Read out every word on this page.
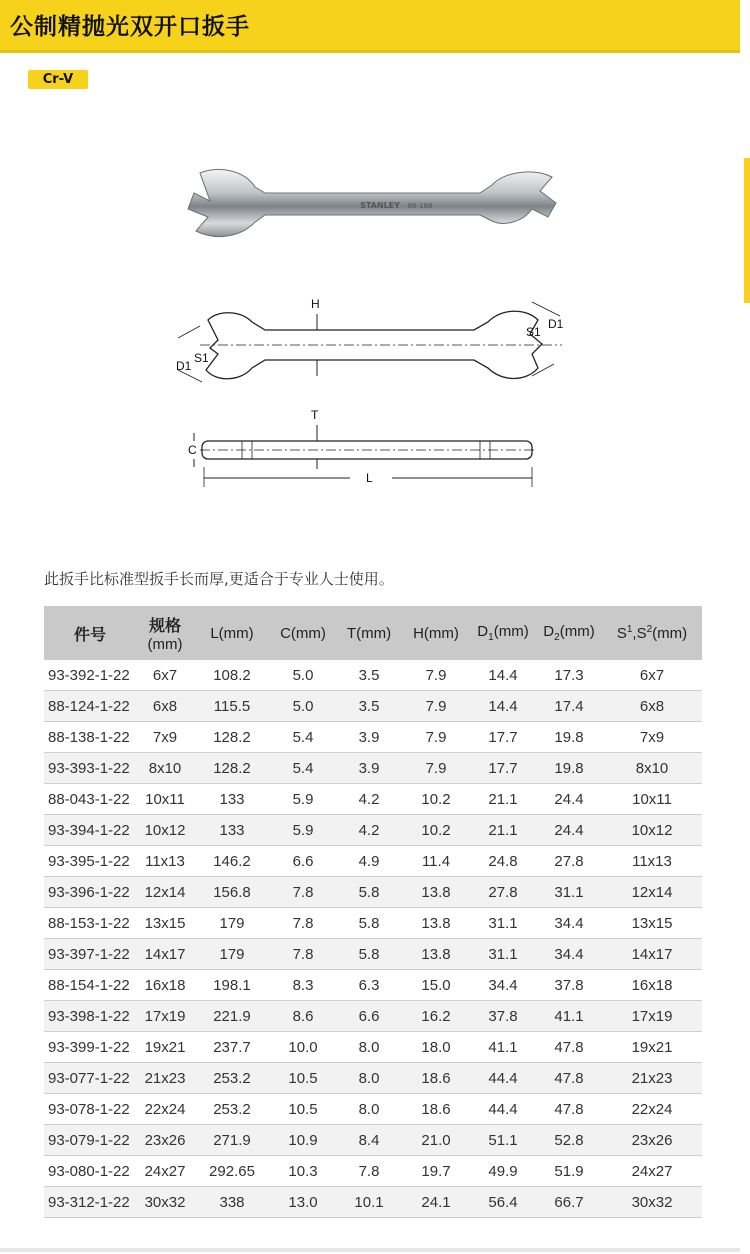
公制精抛光双开口扳手
Cr-V
STANLEY 88-168
H
S1
D1
S1
D1
T
C
L
此扳手比标准型扳手长而厚,更适合于专业人士使用。
件号	规格
(mm)	L(mm)	C(mm)	T(mm)	H(mm)	$D_1(mm)$	$D_2(mm)$	$S^1,S^2(mm)$
93-392-1-22	6x7	108.2	5.0	3.5	7.9	14.4	17.3	6x7
88-124-1-22	6x8	115.5	5.0	3.5	7.9	14.4	17.4	6x8
88-138-1-22	7x9	128.2	5.4	3.9	7.9	17.7	19.8	7x9
93-393-1-22	8x10	128.2	5.4	3.9	7.9	17.7	19.8	8x10
88-043-1-22	10x11	133	5.9	4.2	10.2	21.1	24.4	10x11
93-394-1-22	10x12	133	5.9	4.2	10.2	21.1	24.4	10x12
93-395-1-22	11x13	146.2	6.6	4.9	11.4	24.8	27.8	11x13
93-396-1-22	12x14	156.8	7.8	5.8	13.8	27.8	31.1	12x14
88-153-1-22	13x15	179	7.8	5.8	13.8	31.1	34.4	13x15
93-397-1-22	14x17	179	7.8	5.8	13.8	31.1	34.4	14x17
88-154-1-22	16x18	198.1	8.3	6.3	15.0	34.4	37.8	16x18
93-398-1-22	17x19	221.9	8.6	6.6	16.2	37.8	41.1	17x19
93-399-1-22	19x21	237.7	10.0	8.0	18.0	41.1	47.8	19x21
93-077-1-22	21x23	253.2	10.5	8.0	18.6	44.4	47.8	21x23
93-078-1-22	22x24	253.2	10.5	8.0	18.6	44.4	47.8	22x24
93-079-1-22	23x26	271.9	10.9	8.4	21.0	51.1	52.8	23x26
93-080-1-22	24x27	292.65	10.3	7.8	19.7	49.9	51.9	24x27
93-312-1-22	30x32	338	13.0	10.1	24.1	56.4	66.7	30x32
